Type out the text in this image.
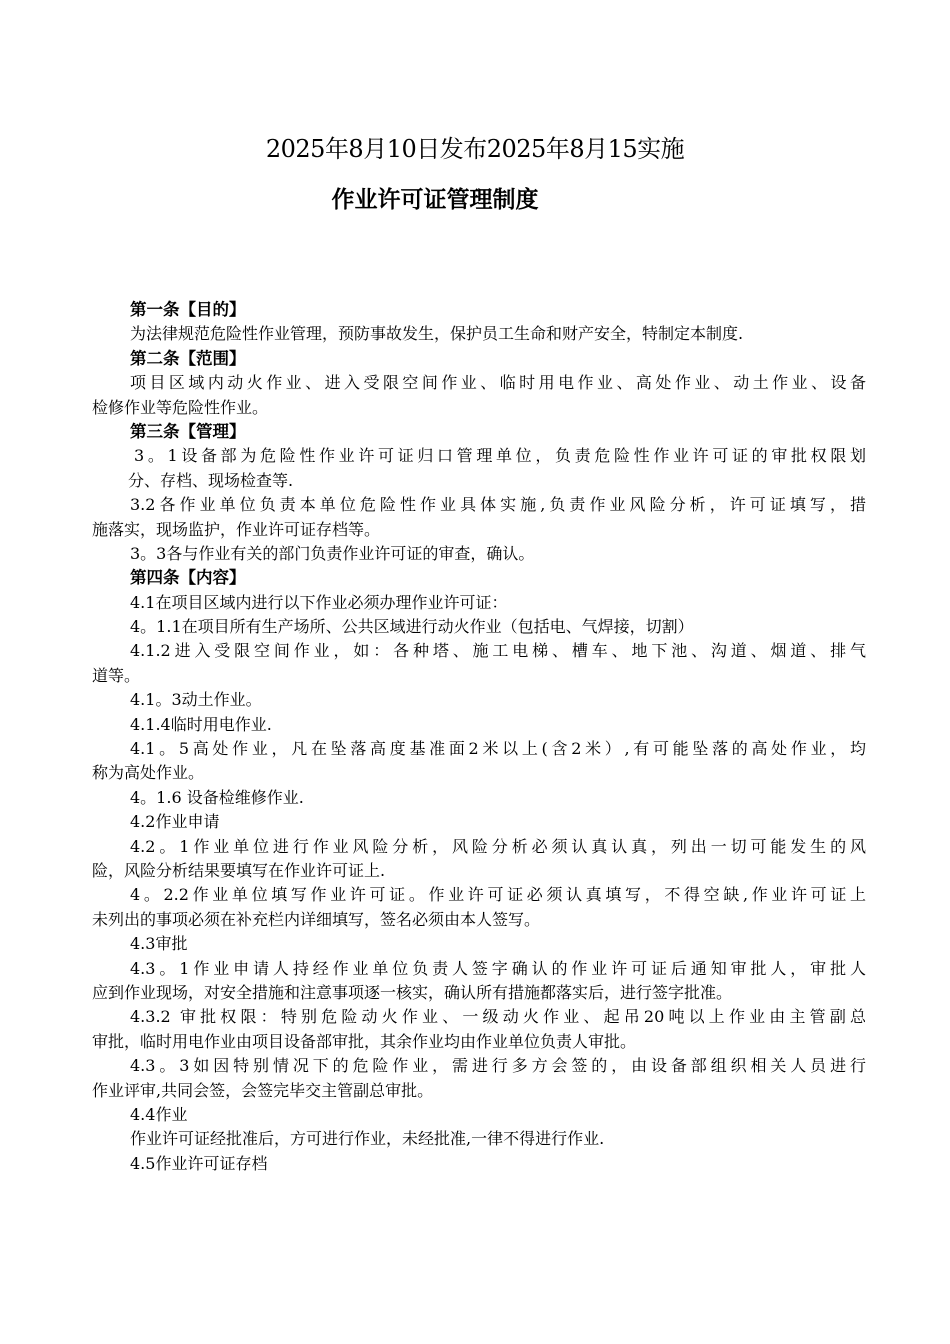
2025年8月10日发布2025年8月15实施
作业许可证管理制度
第一条【目的】
为法律规范危险性作业管理，预防事故发生，保护员工生命和财产安全，特制定本制度.
第二条【范围】
项目区域内动火作业、进入受限空间作业、临时用电作业、高处作业、动土作业、设备
检修作业等危险性作业。
第三条【管理】
3。1设备部为危险性作业许可证归口管理单位，负责危险性作业许可证的审批权限划
分、存档、现场检查等.
3.2各作业单位负责本单位危险性作业具体实施,负责作业风险分析，许可证填写，措
施落实，现场监护，作业许可证存档等。
3。3各与作业有关的部门负责作业许可证的审查，确认。
第四条【内容】
4.1在项目区域内进行以下作业必须办理作业许可证：
4。1.1在项目所有生产场所、公共区域进行动火作业（包括电、气焊接，切割）
4.1.2进入受限空间作业，如：各种塔、施工电梯、槽车、地下池、沟道、烟道、排气
道等。
4.1。3动土作业。
4.1.4临时用电作业.
4.1。5高处作业，凡在坠落高度基准面2米以上(含2米）,有可能坠落的高处作业，均
称为高处作业。
4。1.6 设备检维修作业.
4.2作业申请
4.2。1作业单位进行作业风险分析，风险分析必须认真认真，列出一切可能发生的风
险，风险分析结果要填写在作业许可证上.
4。2.2作业单位填写作业许可证。作业许可证必须认真填写，不得空缺,作业许可证上
未列出的事项必须在补充栏内详细填写，签名必须由本人签写。
4.3审批
4.3。1作业申请人持经作业单位负责人签字确认的作业许可证后通知审批人，审批人
应到作业现场，对安全措施和注意事项逐一核实，确认所有措施都落实后，进行签字批准。
4.3.2 审批权限：特别危险动火作业、一级动火作业、起吊20吨以上作业由主管副总
审批，临时用电作业由项目设备部审批，其余作业均由作业单位负责人审批。
4.3。3如因特别情况下的危险作业，需进行多方会签的，由设备部组织相关人员进行
作业评审,共同会签，会签完毕交主管副总审批。
4.4作业
作业许可证经批准后，方可进行作业，未经批准,一律不得进行作业.
4.5作业许可证存档
